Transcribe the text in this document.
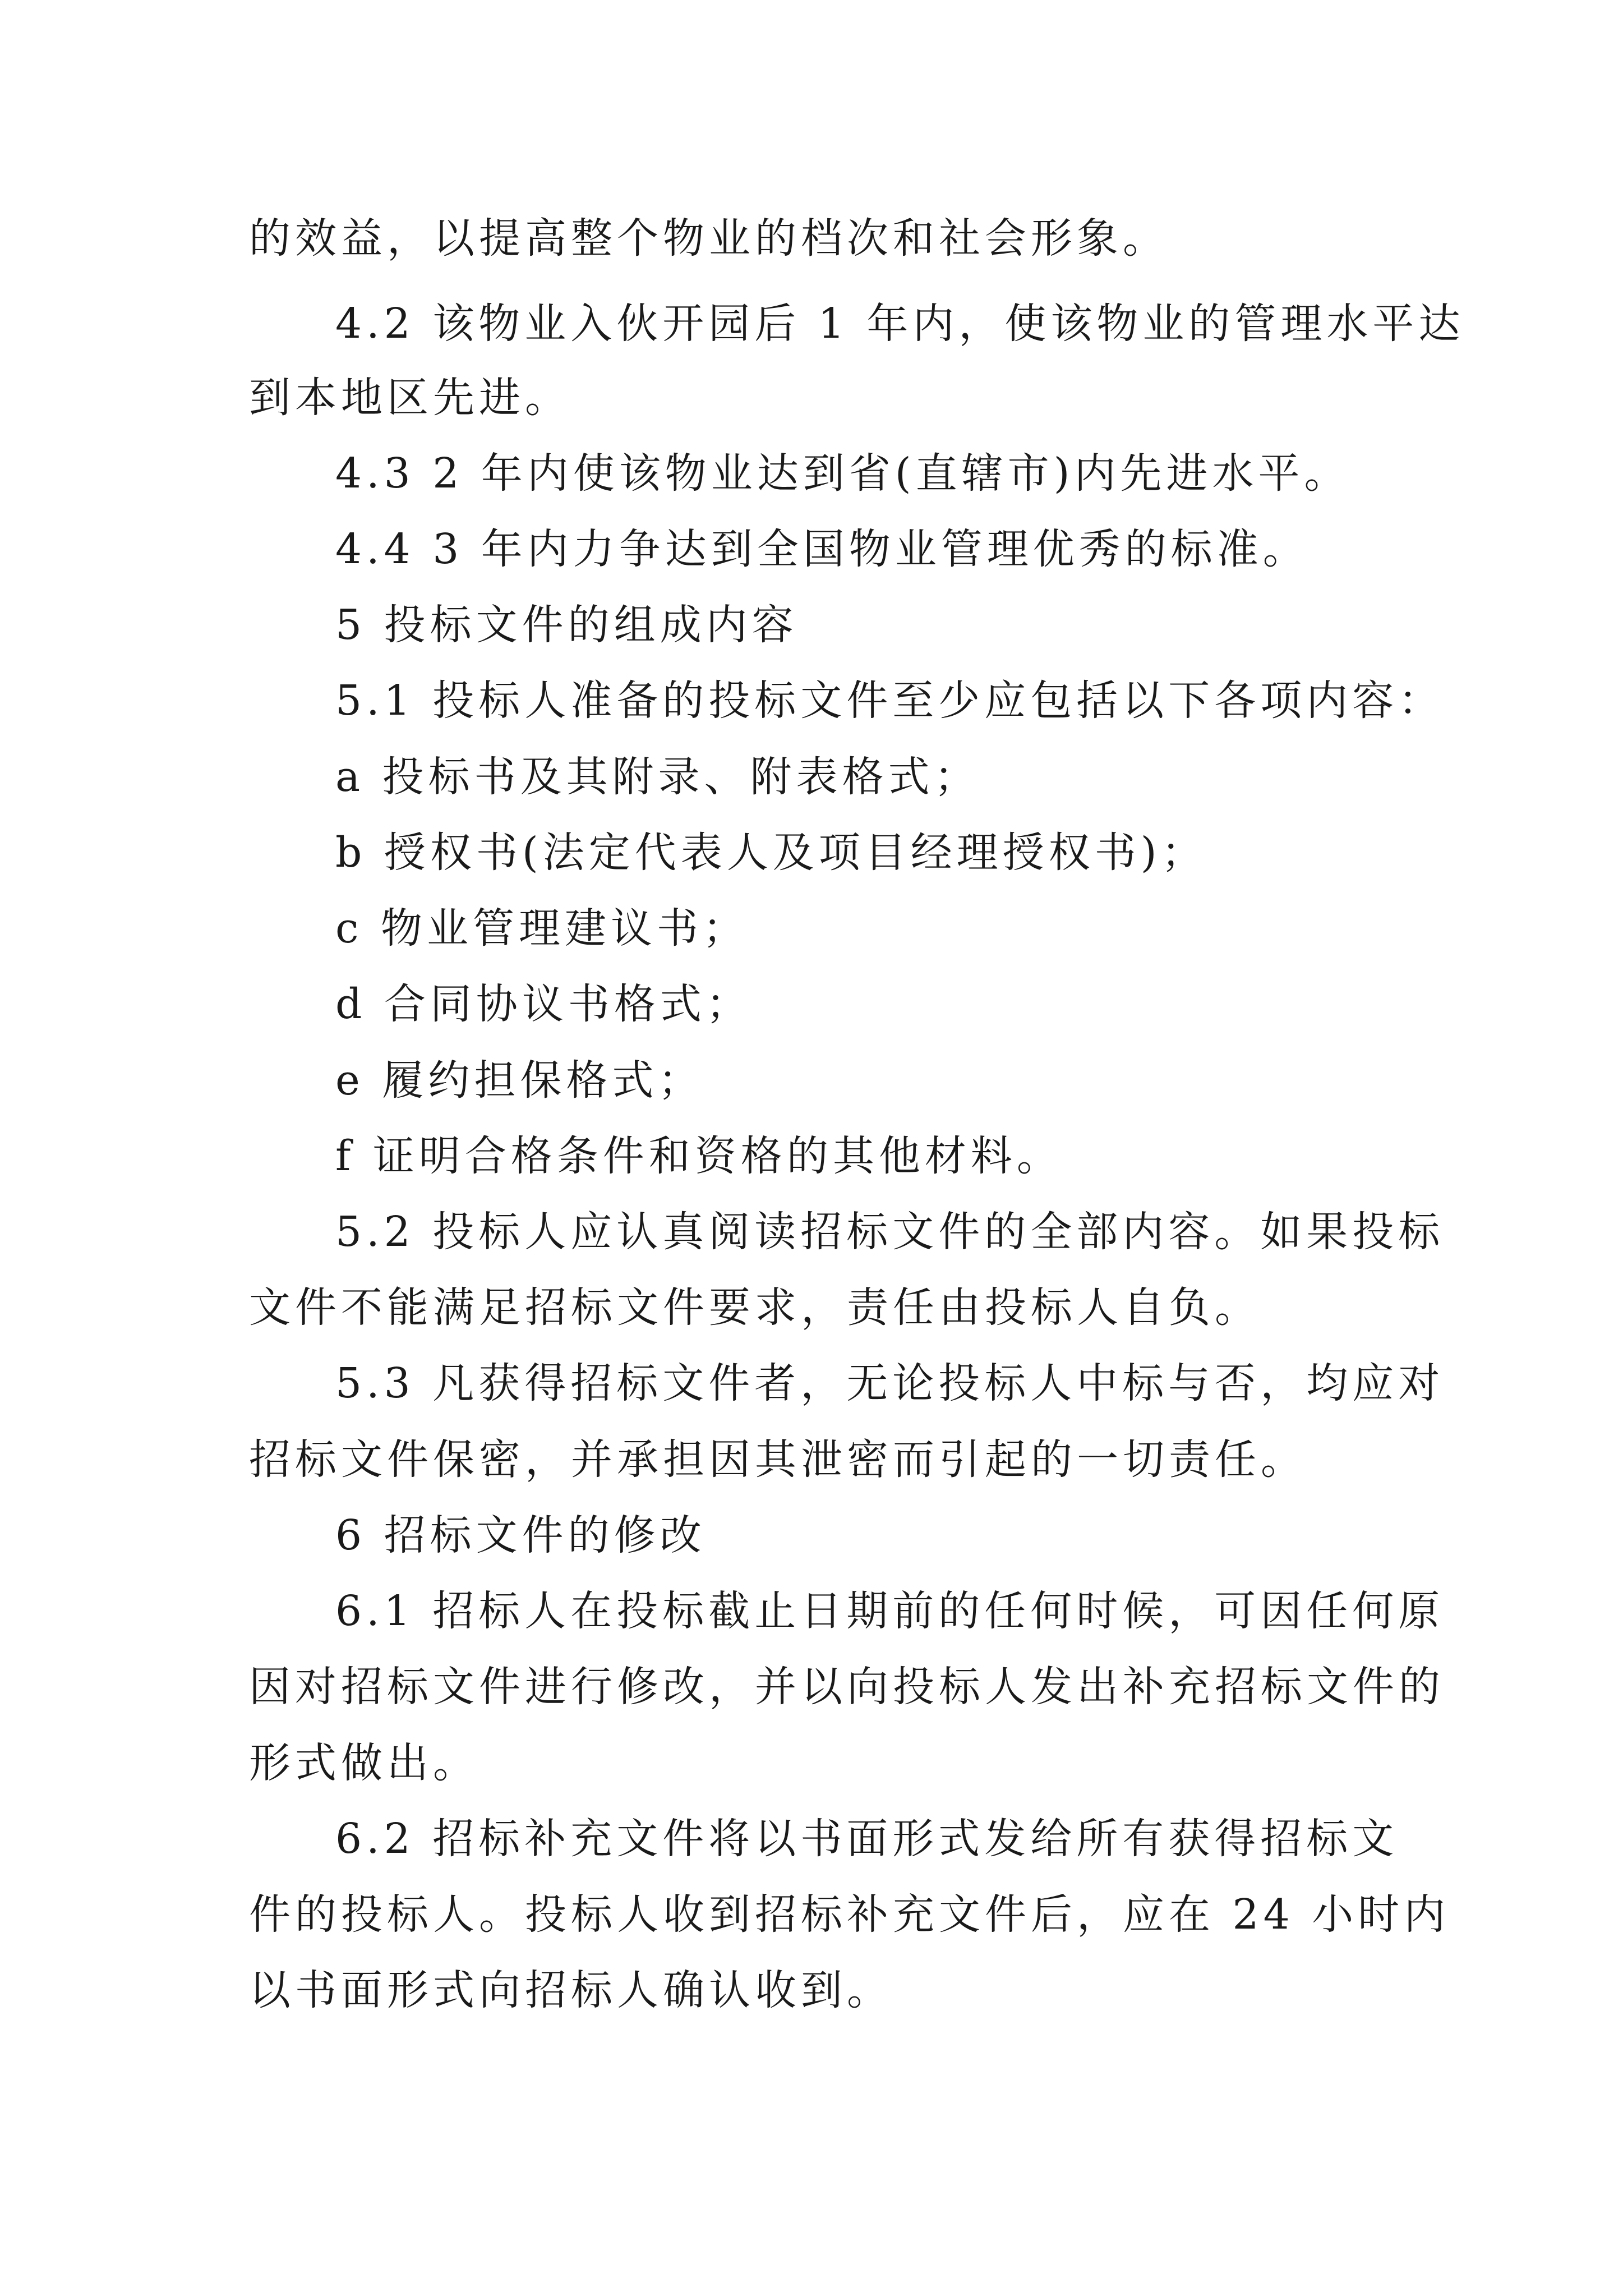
的效益，以提高整个物业的档次和社会形象。
4.2 该物业入伙开园后 1 年内，使该物业的管理水平达
到本地区先进。
4.3 2 年内使该物业达到省(直辖市)内先进水平。
4.4 3 年内力争达到全国物业管理优秀的标准。
5 投标文件的组成内容
5.1 投标人准备的投标文件至少应包括以下各项内容：
a 投标书及其附录、附表格式；
b 授权书(法定代表人及项目经理授权书)；
c 物业管理建议书；
d 合同协议书格式；
e 履约担保格式；
f 证明合格条件和资格的其他材料。
5.2 投标人应认真阅读招标文件的全部内容。如果投标
文件不能满足招标文件要求，责任由投标人自负。
5.3 凡获得招标文件者，无论投标人中标与否，均应对
招标文件保密，并承担因其泄密而引起的一切责任。
6 招标文件的修改
6.1 招标人在投标截止日期前的任何时候，可因任何原
因对招标文件进行修改，并以向投标人发出补充招标文件的
形式做出。
6.2 招标补充文件将以书面形式发给所有获得招标文
件的投标人。投标人收到招标补充文件后，应在 24 小时内
以书面形式向招标人确认收到。
